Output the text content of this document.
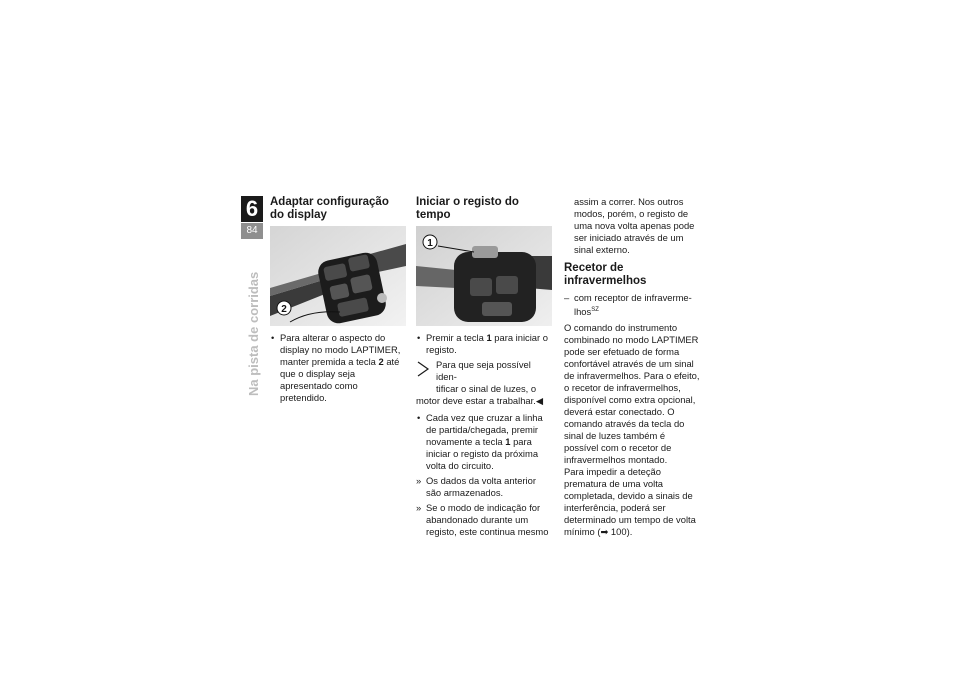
6
84
Na pista de corridas
Adaptar configuração do display
2
• Para alterar o aspecto do display no modo LAPTIMER, manter premida a tecla 2 até que o display seja apresentado como pretendido.
Iniciar o registo do tempo
1
• Premir a tecla 1 para iniciar o registo.
Para que seja possível iden-
tificar o sinal de luzes, o
motor deve estar a trabalhar.◀
• Cada vez que cruzar a linha de partida/chegada, premir novamente a tecla 1 para iniciar o registo da próxima volta do circuito.
» Os dados da volta anterior são armazenados.
» Se o modo de indicação for abandonado durante um registo, este continua mesmo

assim a correr. Nos outros modos, porém, o registo de uma nova volta apenas pode ser iniciado através de um sinal externo.

Recetor de infravermelhos
– com receptor de infraverme-lhos$^{SZ}$

O comando do instrumento combinado no modo LAPTIMER pode ser efetuado de forma confortável através de um sinal de infravermelhos. Para o efeito, o recetor de infravermelhos, disponível como extra opcional, deverá estar conectado. O comando através da tecla do sinal de luzes também é possível com o recetor de infravermelhos montado.

Para impedir a deteção prematura de uma volta completada, devido a sinais de interferência, poderá ser determinado um tempo de volta mínimo (➡ 100).
